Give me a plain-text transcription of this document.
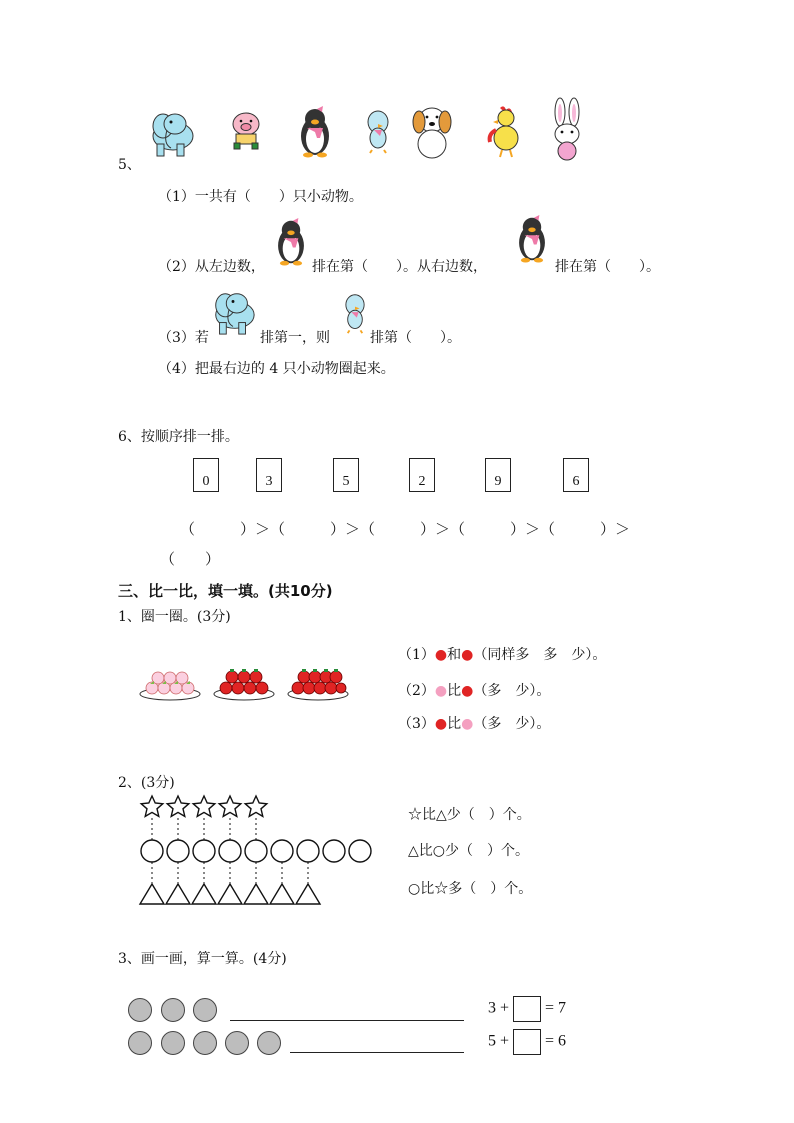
5、
（1）一共有（　　）只小动物。
（2）从左边数，	排在第（　　）。从右边数，	排在第（　　）。
（3）若	排第一，则	排第（　　）。
（4）把最右边的 4 只小动物圈起来。
6、按顺序排一排。
0	3	5	2	9	6
（　　　）＞（　　　）＞（　　　）＞（　　　）＞（　　　）＞
（　　）
三、比一比，填一填。(共10分)
1、圈一圈。(3分)
（1）●和●（同样多　多　少）。
（2）●比●（多　少）。
（3）●比●（多　少）。
2、(3分)
☆比△少（　）个。
△比○少（　）个。
○比☆多（　）个。
3、画一画，算一算。(4分)
3 + = 7
5 + = 6
